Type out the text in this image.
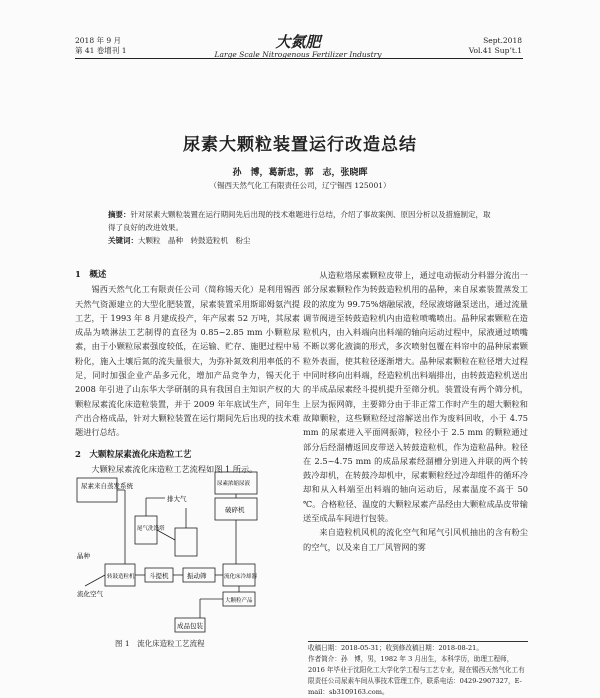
2018 年 9 月
第 41 卷增刊 1	大氮肥
Large Scale Nitrogenous Fertilizer Industry
Sept.2018
Vol.41 Sup’t.1
尿素大颗粒装置运行改造总结
孙　博，葛新忠，郭　志，张晓晖
（锡西天然气化工有限责任公司，辽宁锡西 125001）
摘要：针对尿素大颗粒装置在运行期间先后出现的技术难题进行总结，介绍了事故案例、原因分析以及措施制定，取得了良好的改进效果。
关键词：大颗粒　晶种　转鼓造粒机　粉尘
1　概述

锡西天然气化工有限责任公司（简称锡天化）是利用锡西天然气资源建立的大型化肥装置，尿素装置采用斯耶姆氨汽提工艺，于 1993 年 8 月建成投产，年产尿素 52 万吨，其尿素成品为喷淋法工艺制得的直径为 0.85~2.85 mm 小颗粒尿素，由于小颗粒尿素强度较低，在运输、贮存、施肥过程中易粉化，施入土壤后氮的流失量很大，为弥补氮效利用率低的不足，同时加强企业产品多元化，增加产品竞争力，锡天化于 2008 年引进了山东华大学研制的具有我国自主知识产权的大颗粒尿素流化床造粒装置，并于 2009 年年底试生产，同年生产出合格成品，针对大颗粒装置在运行期间先后出现的技术难题进行总结。

2　大颗粒尿素流化床造粒工艺

大颗粒尿素流化床造粒工艺流程如图 1 所示。

尿素来自蒸发系统
排大气
尾气洗涤塔
尿素浓缩尿液
晶种
破碎机
转鼓造粒机 斗提机	振动筛	流化床冷却器
大颗粒产品
成品包装
流化空气
图 1　流化床造粒工艺流程

从造粒塔尿素颗粒皮带上，通过电动振动分料器分流出一部分尿素颗粒作为转鼓造粒机用的晶种，来自尿素装置蒸发工段的浓度为 99.75%熔融尿液，经尿液熔融泵送出，通过流量调节阀进至转鼓造粒机内由造粒喷嘴喷出。晶种尿素颗粒在造粒机内，由入料端向出料端的轴向运动过程中，尿液通过喷嘴不断以雾化液滴的形式，多次喷射包覆在料帘中的晶种尿素颗粒外表面，使其粒径逐渐增大。晶种尿素颗粒在粒径增大过程中同时移向出料端，经造粒机出料端排出，由转鼓造粒机送出的半成品尿素经斗提机提升至筛分机。装置设有两个筛分机，上层为振网筛，主要筛分由于非正常工作时产生的超大颗粒和故障颗粒，这些颗粒经过溶解送出作为废料回收，小于 4.75 mm 的尿素进入平面网振筛，粒径小于 2.5 mm 的颗粒通过部分后经溜槽返回皮带送入转鼓造粒机，作为造粒晶种。粒径在 2.5~4.75 mm 的成品尿素经溜槽分别进入并联的两个转鼓冷却机，在转鼓冷却机中，尿素颗粒经过冷却组件的循环冷却和从入料端至出料端的轴向运动后，尿素温度不高于 50 ℃。合格粒径、温度的大颗粒尿素产品经由大颗粒成品皮带输送至成品车间进行包装。

来自造粒机风机的流化空气和尾气引风机抽出的含有粉尘的空气，以及来自工厂风管网的雾

收稿日期：2018-05-31；收到修改稿日期：2018-08-21。
作者简介：孙　博，男，1982 年 3 月出生，本科学历，助理工程师，2016 年毕业于沈阳化工大学化学工程与工艺专业，现在锡西天然气化工有限责任公司尿素车间从事技术管理工作，联系电话：0429-2907327，E-mail：sb3109163.com。
